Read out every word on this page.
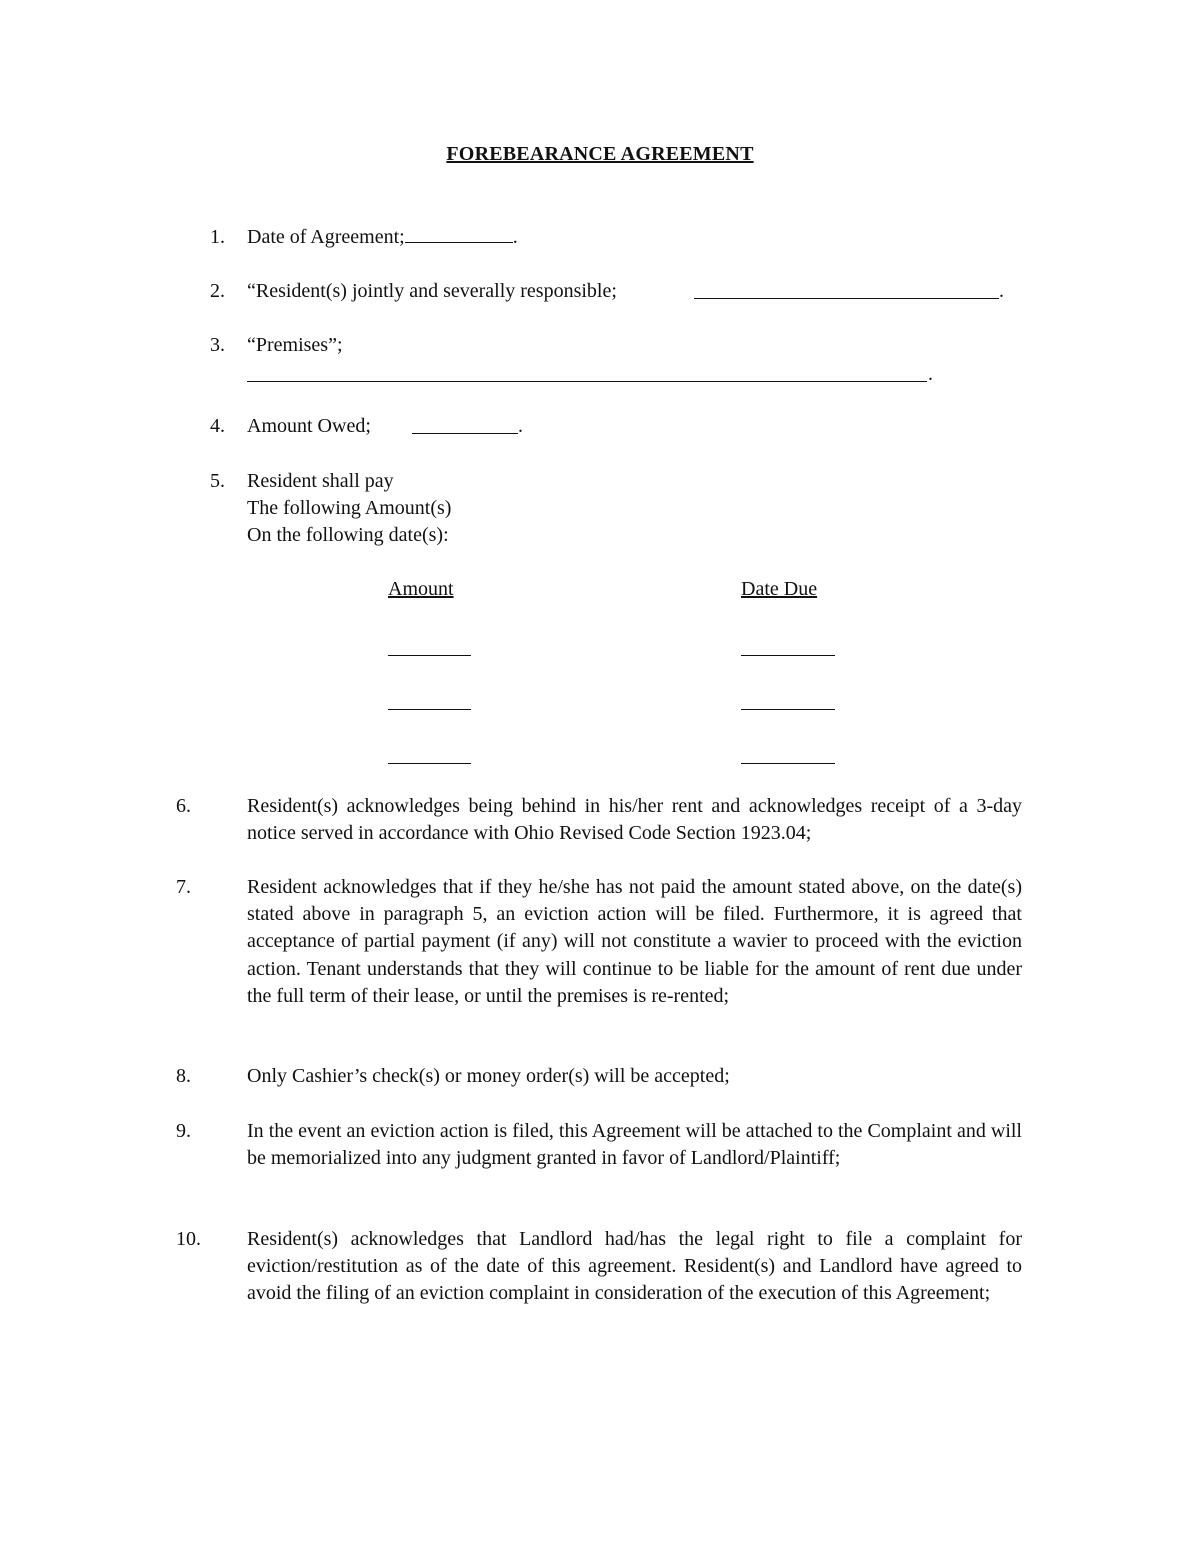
FOREBEARANCE AGREEMENT
1. Date of Agreement;	.
2. “Resident(s) jointly and severally responsible;	.
3. “Premises”;
.
4. Amount Owed;	.
5. Resident shall pay
The following Amount(s)
On the following date(s):
Amount	Date Due
6.	Resident(s) acknowledges being behind in his/her rent and acknowledges receipt of a 3-day notice served in accordance with Ohio Revised Code Section 1923.04;
7.	Resident acknowledges that if they he/she has not paid the amount stated above, on the date(s) stated above in paragraph 5, an eviction action will be filed. Furthermore, it is agreed that acceptance of partial payment (if any) will not constitute a wavier to proceed with the eviction action. Tenant understands that they will continue to be liable for the amount of rent due under the full term of their lease, or until the premises is re-rented;
8.	Only Cashier’s check(s) or money order(s) will be accepted;
9.	In the event an eviction action is filed, this Agreement will be attached to the Complaint and will be memorialized into any judgment granted in favor of Landlord/Plaintiff;
10. Resident(s) acknowledges that Landlord had/has the legal right to file a complaint for eviction/restitution as of the date of this agreement. Resident(s) and Landlord have agreed to avoid the filing of an eviction complaint in consideration of the execution of this Agreement;
